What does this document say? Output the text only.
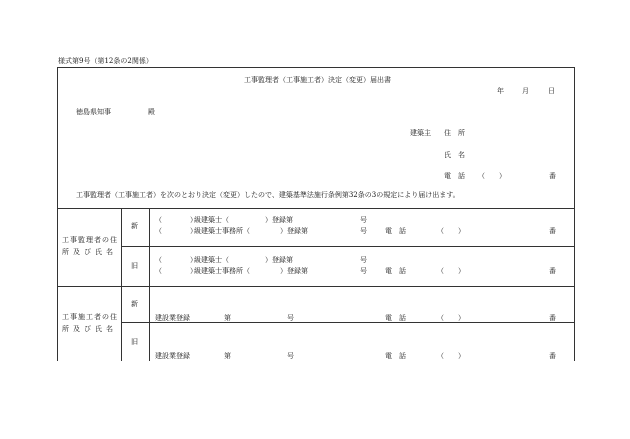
様式第9号（第12条の2関係）
工事監理者（工事施工者）決定（変更）届出書
年	月	日
徳島県知事	殿
建築主 住　所
氏　名
電　話 （　　）	番
工事監理者（工事施工者）を次のとおり決定（変更）したので、建築基準法施行条例第32条の3の規定により届け出ます。
工事監理者の住
所及び氏名
新
（　　　　）
級建築士（	）登録第	号
（　　　　）
級建築士事務所（	）登録第	号	電　話	（　　）	番
旧
（　　　　）
級建築士（	）登録第	号
（　　　　）
級建築士事務所（	）登録第	号	電　話	（　　）	番
工事施工者の住
所及び氏名
新
建設業登録	第	号	電　話	（　　）	番
旧
建設業登録	第	号	電　話	（　　）	番
